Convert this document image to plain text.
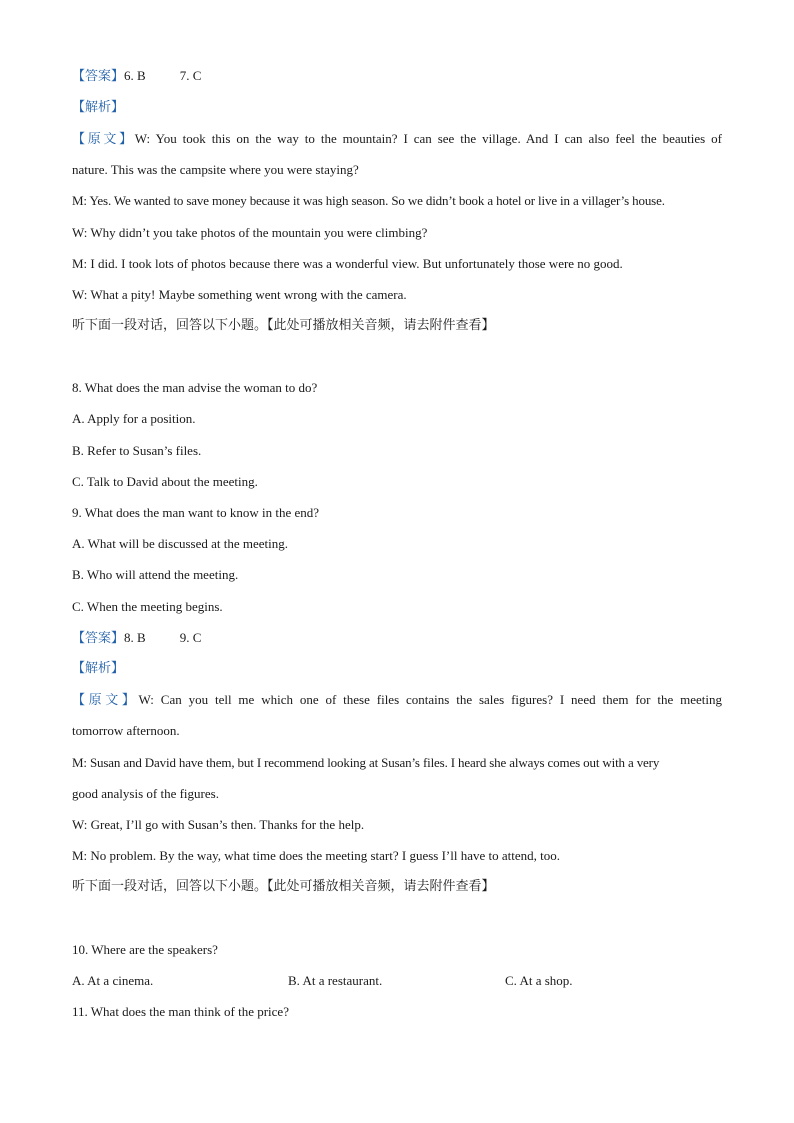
【答案】6. B	7. C
【解析】
【原文】W: You took this on the way to the mountain? I can see the village. And I can also feel the beauties of
nature. This was the campsite where you were staying?
M: Yes. We wanted to save money because it was high season. So we didn’t book a hotel or live in a villager’s house.
W: Why didn’t you take photos of the mountain you were climbing?
M: I did. I took lots of photos because there was a wonderful view. But unfortunately those were no good.
W: What a pity! Maybe something went wrong with the camera.
听下面一段对话，回答以下小题。【此处可播放相关音频，请去附件查看】
8. What does the man advise the woman to do?
A. Apply for a position.
B. Refer to Susan’s files.
C. Talk to David about the meeting.
9. What does the man want to know in the end?
A. What will be discussed at the meeting.
B. Who will attend the meeting.
C. When the meeting begins.
【答案】8. B	9. C
【解析】
【原文】W: Can you tell me which one of these files contains the sales figures? I need them for the meeting
tomorrow afternoon.
M: Susan and David have them, but I recommend looking at Susan’s files. I heard she always comes out with a very
good analysis of the figures.
W: Great, I’ll go with Susan’s then. Thanks for the help.
M: No problem. By the way, what time does the meeting start? I guess I’ll have to attend, too.
听下面一段对话，回答以下小题。【此处可播放相关音频，请去附件查看】
10. Where are the speakers?
A. At a cinema.	B. At a restaurant.	C. At a shop.
11. What does the man think of the price?
